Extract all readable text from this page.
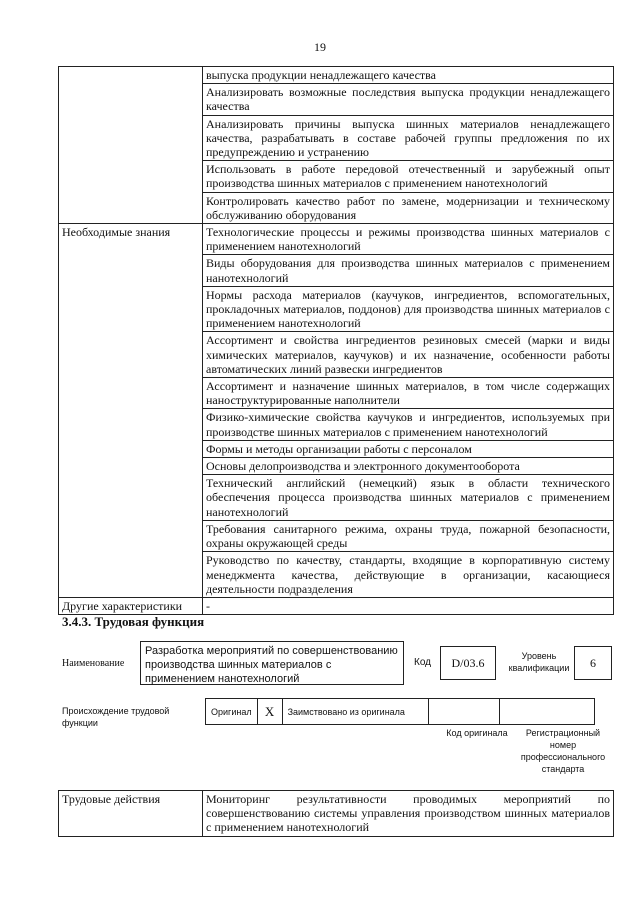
19
	выпуска продукции ненадлежащего качества
	Анализировать возможные последствия выпуска продукции ненадлежащего качества
	Анализировать причины выпуска шинных материалов ненадлежащего качества, разрабатывать в составе рабочей группы предложения по их предупреждению и устранению
	Использовать в работе передовой отечественный и зарубежный опыт производства шинных материалов с применением нанотехнологий
	Контролировать качество работ по замене, модернизации и техническому обслуживанию оборудования
Необходимые знания	Технологические процессы и режимы производства шинных материалов с применением нанотехнологий
	Виды оборудования для производства шинных материалов с применением нанотехнологий
	Нормы расхода материалов (каучуков, ингредиентов, вспомогательных, прокладочных материалов, поддонов) для производства шинных материалов с применением нанотехнологий
	Ассортимент и свойства ингредиентов резиновых смесей (марки и виды химических материалов, каучуков) и их назначение, особенности работы автоматических линий развески ингредиентов
	Ассортимент и назначение шинных материалов, в том числе содержащих наноструктурированные наполнители
	Физико-химические свойства каучуков и ингредиентов, используемых при производстве шинных материалов с применением нанотехнологий
	Формы и методы организации работы с персоналом
	Основы делопроизводства и электронного документооборота
	Технический английский (немецкий) язык в области технического обеспечения процесса производства шинных материалов с применением нанотехнологий
	Требования санитарного режима, охраны труда, пожарной безопасности, охраны окружающей среды
	Руководство по качеству, стандарты, входящие в корпоративную систему менеджмента качества, действующие в организации, касающиеся деятельности подразделения
Другие характеристики	-
3.4.3. Трудовая функция
Наименование
Разработка мероприятий по совершенствованию производства шинных материалов с применением нанотехнологий
Код	D/03.6	Уровень квалификации	6
Происхождение трудовой функции
Оригинал	X	Заимствовано из оригинала		
Код оригинала	Регистрационный номер профессионального стандарта
Трудовые действия	Мониторинг результативности проводимых мероприятий по совершенствованию системы управления производством шинных материалов с применением нанотехнологий
